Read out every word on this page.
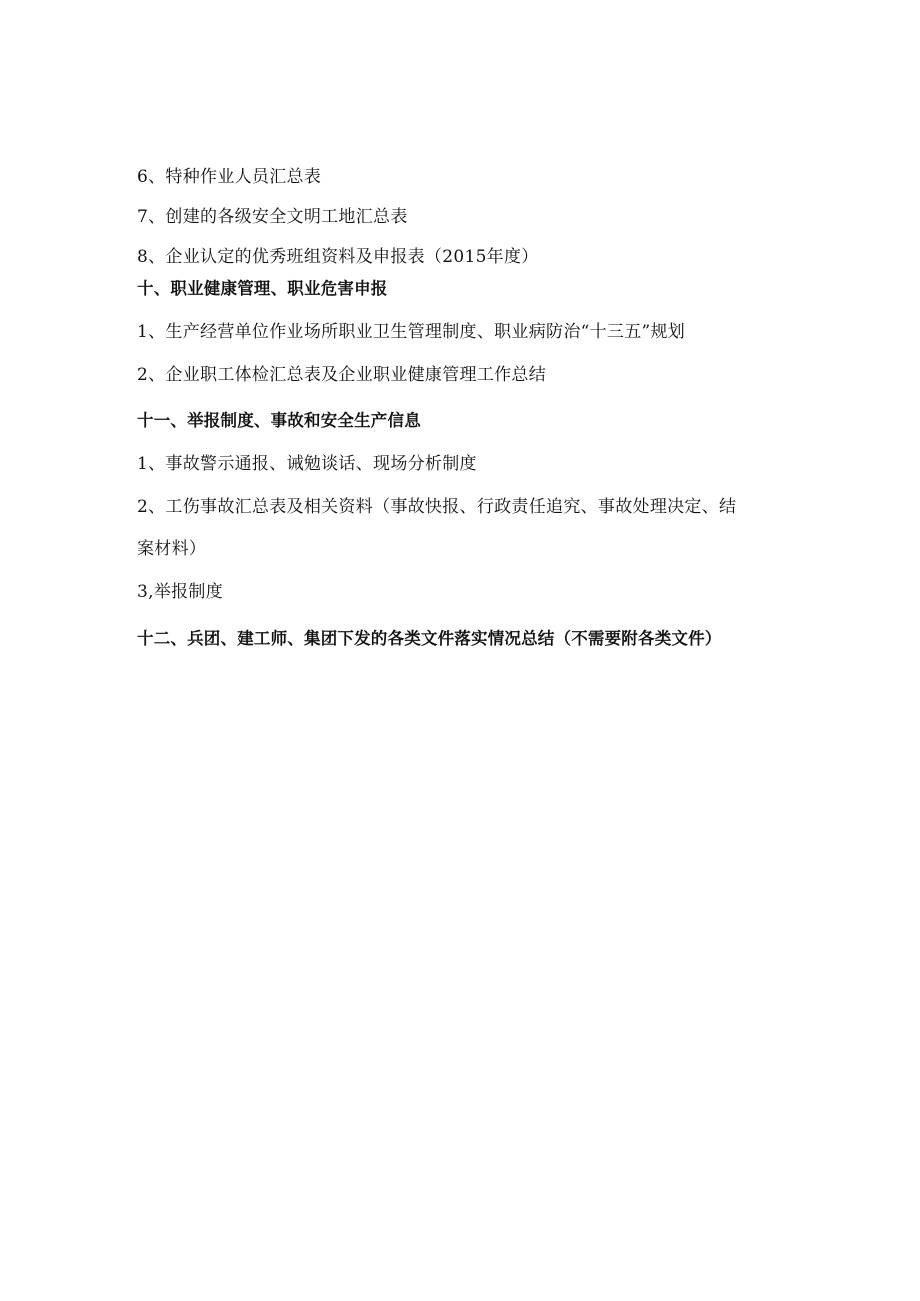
6、特种作业人员汇总表
7、创建的各级安全文明工地汇总表
8、企业认定的优秀班组资料及申报表（2015年度）
十、职业健康管理、职业危害申报
1、生产经营单位作业场所职业卫生管理制度、职业病防治“十三五”规划
2、企业职工体检汇总表及企业职业健康管理工作总结
十一、举报制度、事故和安全生产信息
1、事故警示通报、诫勉谈话、现场分析制度
2、工伤事故汇总表及相关资料（事故快报、行政责任追究、事故处理决定、结
案材料）
3,举报制度
十二、兵团、建工师、集团下发的各类文件落实情况总结（不需要附各类文件）
